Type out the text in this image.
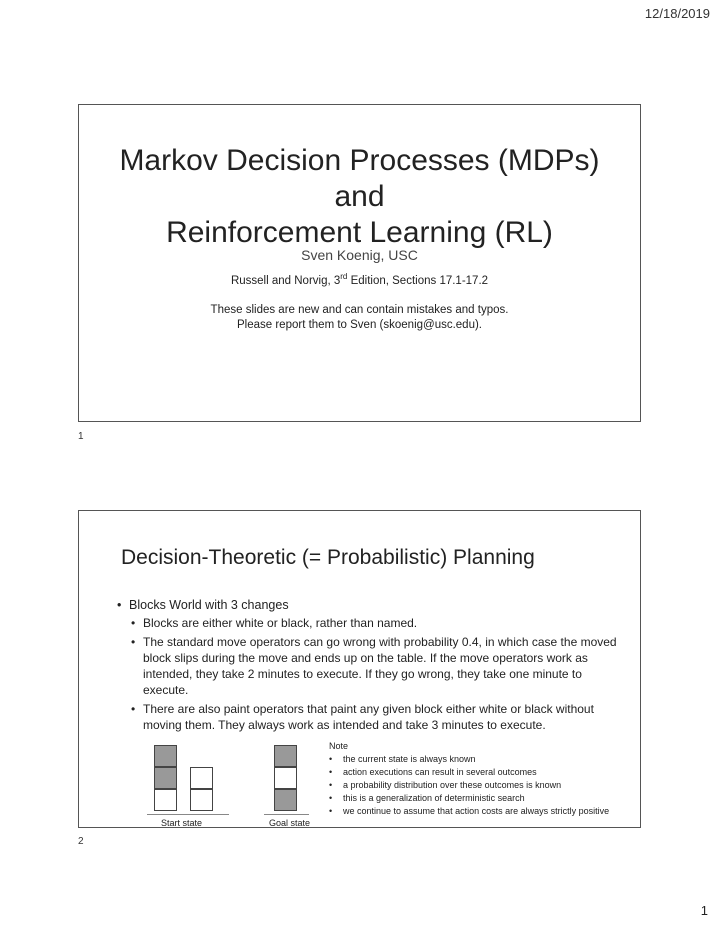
12/18/2019
Markov Decision Processes (MDPs)
and
Reinforcement Learning (RL)
Sven Koenig, USC
Russell and Norvig, 3rd Edition, Sections 17.1-17.2
These slides are new and can contain mistakes and typos.
Please report them to Sven (skoenig@usc.edu).
1
Decision-Theoretic (= Probabilistic) Planning
• Blocks World with 3 changes
• Blocks are either white or black, rather than named.
• The standard move operators can go wrong with probability 0.4, in which case the moved block slips during the move and ends up on the table. If the move operators work as intended, they take 2 minutes to execute. If they go wrong, they take one minute to execute.
• There are also paint operators that paint any given block either white or black without moving them. They always work as intended and take 3 minutes to execute.
Start state	Goal state
Note
• the current state is always known
• action executions can result in several outcomes
• a probability distribution over these outcomes is known
• this is a generalization of deterministic search
• we continue to assume that action costs are always strictly positive
2
1
